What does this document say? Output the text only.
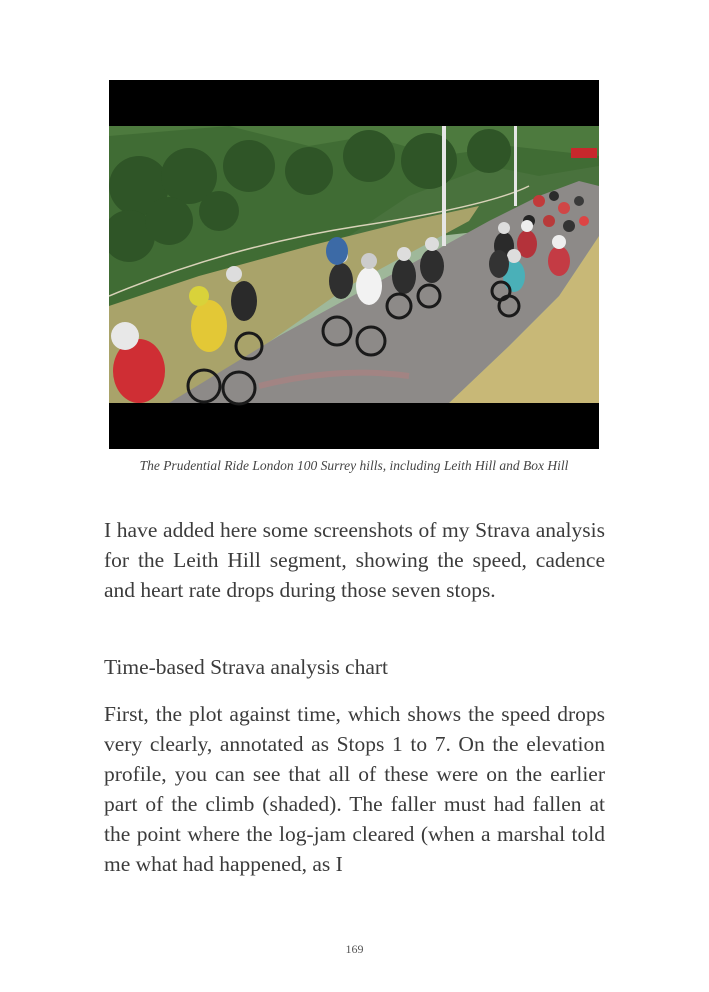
The Prudential Ride London 100 Surrey hills, including Leith Hill and Box Hill

I have added here some screenshots of my Strava analysis for the Leith Hill segment, showing the speed, cadence and heart rate drops during those seven stops.

Time-based Strava analysis chart

First, the plot against time, which shows the speed drops very clearly, annotated as Stops 1 to 7. On the elevation profile, you can see that all of these were on the earlier part of the climb (shaded). The faller must had fallen at the point where the log-jam cleared (when a marshal told me what had happened, as I

169
